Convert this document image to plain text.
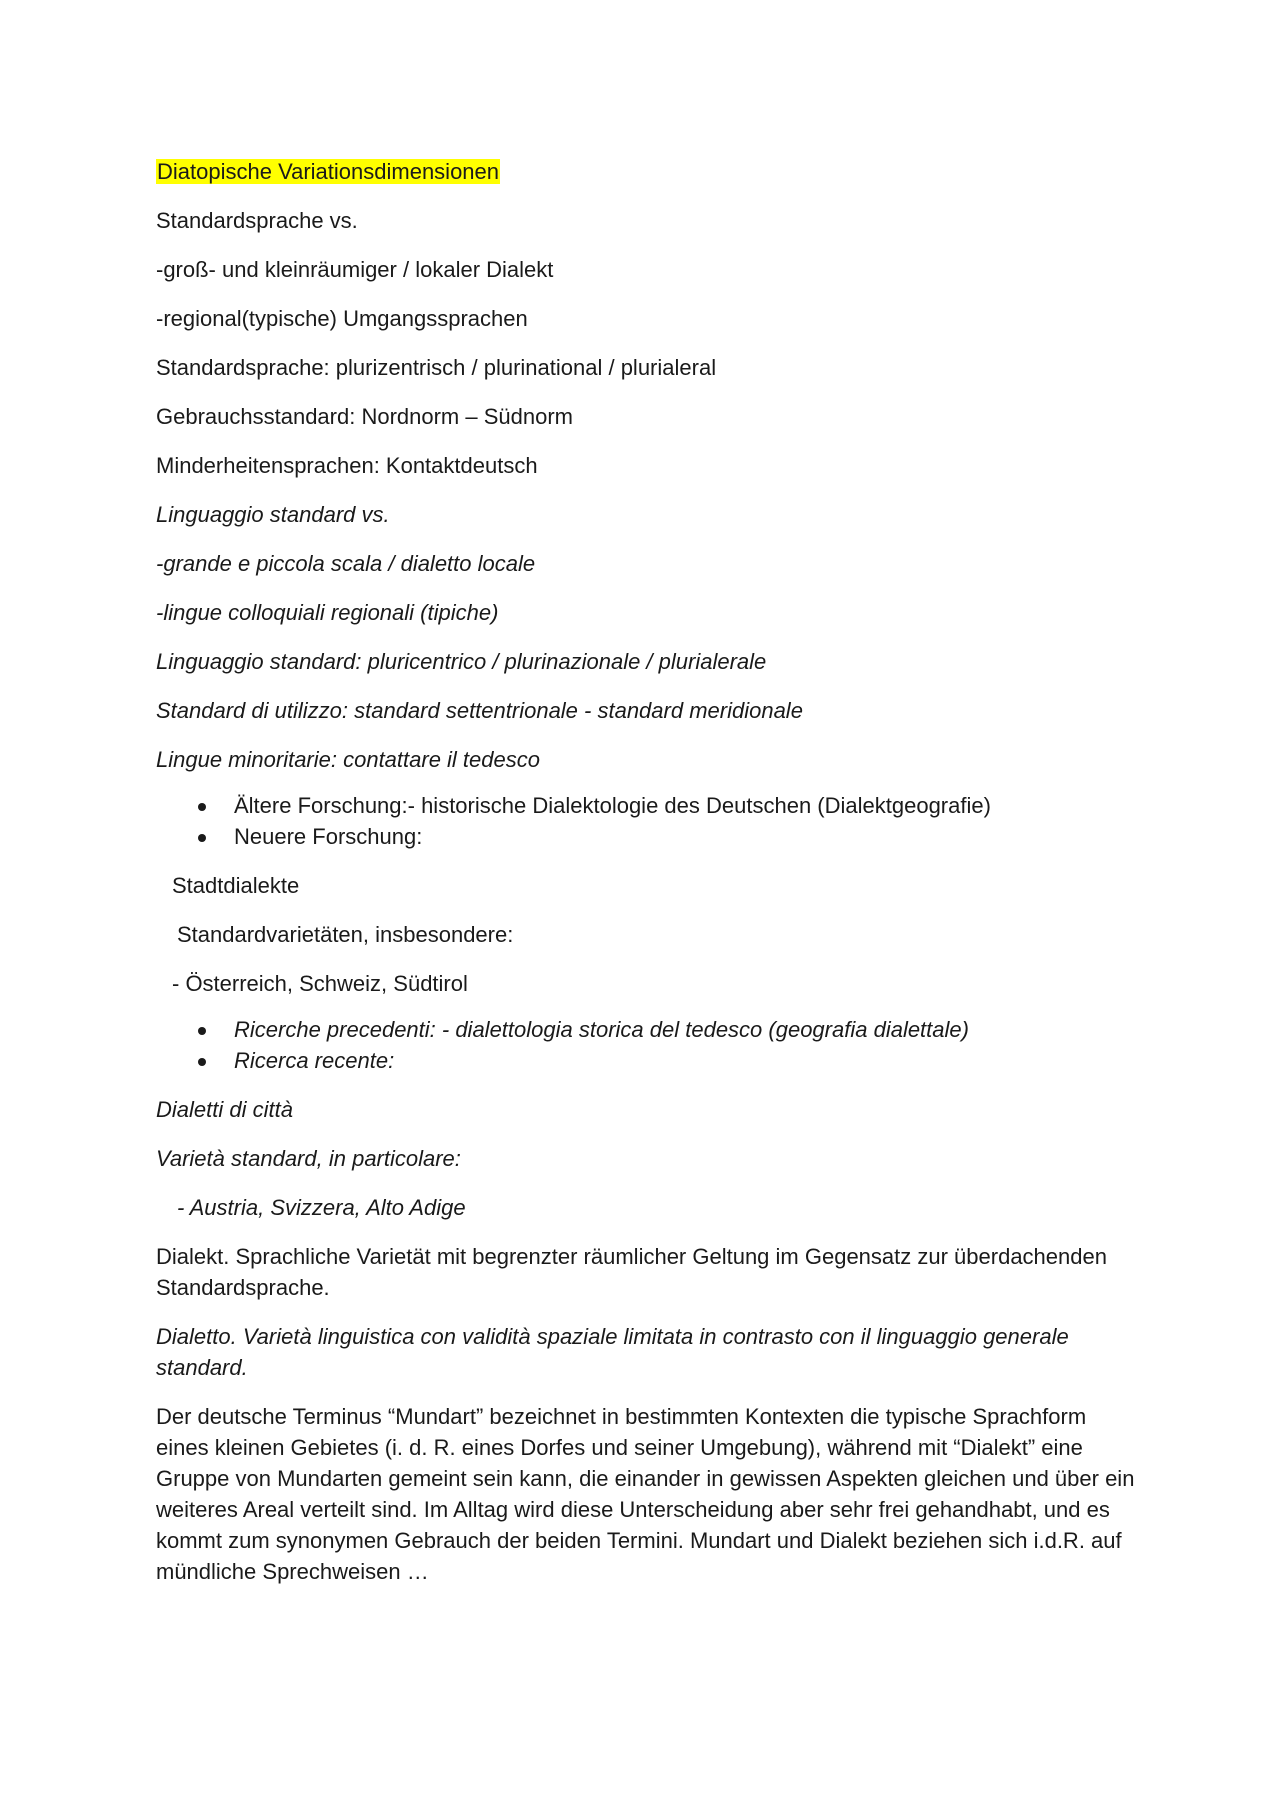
Diatopische Variationsdimensionen

Standardsprache vs.

-groß- und kleinräumiger / lokaler Dialekt

-regional(typische) Umgangssprachen

Standardsprache: plurizentrisch / plurinational / plurialeral

Gebrauchsstandard: Nordnorm – Südnorm

Minderheitensprachen: Kontaktdeutsch

Linguaggio standard vs.

-grande e piccola scala / dialetto locale

-lingue colloquiali regionali (tipiche)

Linguaggio standard: pluricentrico / plurinazionale / plurialerale

Standard di utilizzo: standard settentrionale - standard meridionale

Lingue minoritarie: contattare il tedesco

Ältere Forschung:- historische Dialektologie des Deutschen (Dialektgeografie)
Neuere Forschung:

Stadtdialekte

Standardvarietäten, insbesondere:

- Österreich, Schweiz, Südtirol

Ricerche precedenti: - dialettologia storica del tedesco (geografia dialettale)
Ricerca recente:

Dialetti di città

Varietà standard, in particolare:

- Austria, Svizzera, Alto Adige

Dialekt. Sprachliche Varietät mit begrenzter räumlicher Geltung im Gegensatz zur überdachenden Standardsprache.

Dialetto. Varietà linguistica con validità spaziale limitata in contrasto con il linguaggio generale standard.

Der deutsche Terminus “Mundart” bezeichnet in bestimmten Kontexten die typische Sprachform eines kleinen Gebietes (i. d. R. eines Dorfes und seiner Umgebung), während mit “Dialekt” eine Gruppe von Mundarten gemeint sein kann, die einander in gewissen Aspekten gleichen und über ein weiteres Areal verteilt sind. Im Alltag wird diese Unterscheidung aber sehr frei gehandhabt, und es kommt zum synonymen Gebrauch der beiden Termini. Mundart und Dialekt beziehen sich i.d.R. auf mündliche Sprechweisen …
